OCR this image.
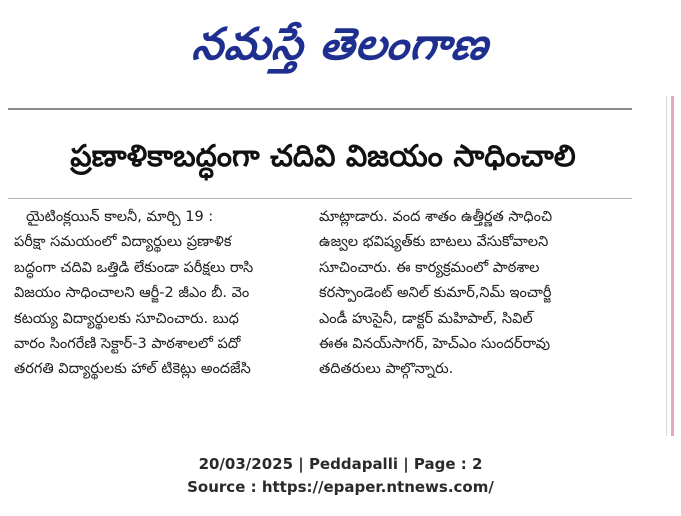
నమస్తే తెలంగాణ
ప్రణాళికాబద్ధంగా చదివి విజయం సాధించాలి

యైటింక్లయిన్ కాలనీ, మార్చి 19 :

పరీక్షా సమయంలో విద్యార్థులు ప్రణాళిక

బద్ధంగా చదివి ఒత్తిడి లేకుండా పరీక్షలు రాసి

విజయం సాధించాలని ఆర్జీ-2 జీఎం బీ. వెం

కటయ్య విద్యార్థులకు సూచించారు. బుధ

వారం సింగరేణి సెక్టార్-3 పాఠశాలలో పదో

తరగతి విద్యార్థులకు హాల్ టికెట్లు అందజేసి

మాట్లాడారు. వంద శాతం ఉత్తీర్ణత సాధించి

ఉజ్వల భవిష్యత్‌కు బాటలు వేసుకోవాలని

సూచించారు. ఈ కార్యక్రమంలో పాఠశాల

కరస్పాండెంట్ అనిల్ కుమార్,నిమ్ ఇంచార్జీ

ఎండీ హుసైనీ, డాక్టర్ మహిపాల్, సివిల్

ఈఈ వినయ్‌సాగర్, హెచ్‌ఎం సుందర్‌రావు

తదితరులు పాల్గొన్నారు.

20/03/2025 | Peddapalli | Page : 2
Source : https://epaper.ntnews.com/
